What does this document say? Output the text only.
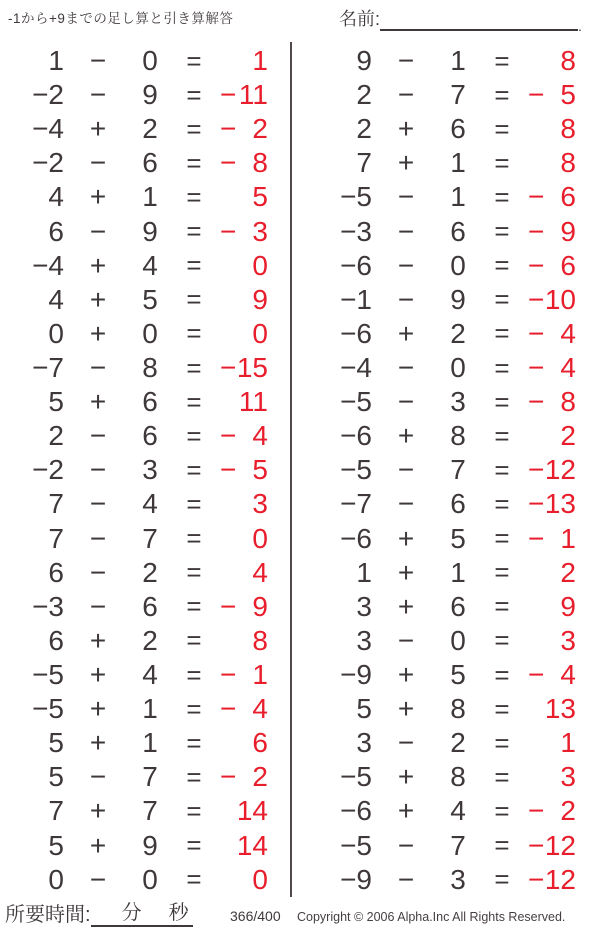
-1から+9までの足し算と引き算解答	名前:	.
1 −	0	=	1
−2 −	9	= − 11
−4 +	2	= − 2
−2 −	6	= − 8
4 +	1	=	5
6 −	9	= − 3
−4 +	4	=	0
4 +	5	=	9
0 +	0	=	0
−7 −	8	= − 15
5 +	6	=	11
2 −	6	= − 4
−2 −	3	= − 5
7 −	4	=	3
7 −	7	=	0
6 −	2	=	4
−3 −	6	= − 9
6 +	2	=	8
−5 +	4	= − 1
−5 +	1	= − 4
5 +	1	=	6
5 −	7	= − 2
7 +	7	=	14
5 +	9	=	14
0 −	0	=	0
9 −	1	=	8
2 −	7	= − 5
2 +	6	=	8
7 +	1	=	8
−5 −	1	= − 6
−3 −	6	= − 9
−6 −	0	= − 6
−1 −	9	= − 10
−6 +	2	= − 4
−4 −	0	= − 4
−5 −	3	= − 8
−6 +	8	=	2
−5 −	7	= − 12
−7 −	6	= − 13
−6 +	5	= − 1
1 +	1	=	2
3 +	6	=	9
3 −	0	=	3
−9 +	5	= − 4
5 +	8	=	13
3 −	2	=	1
−5 +	8	=	3
−6 +	4	= − 2
−5 −	7	= − 12
−9 −	3	= − 12
所要時間: 分 秒	366/400 Copyright © 2006 Alpha.Inc All Rights Reserved.
